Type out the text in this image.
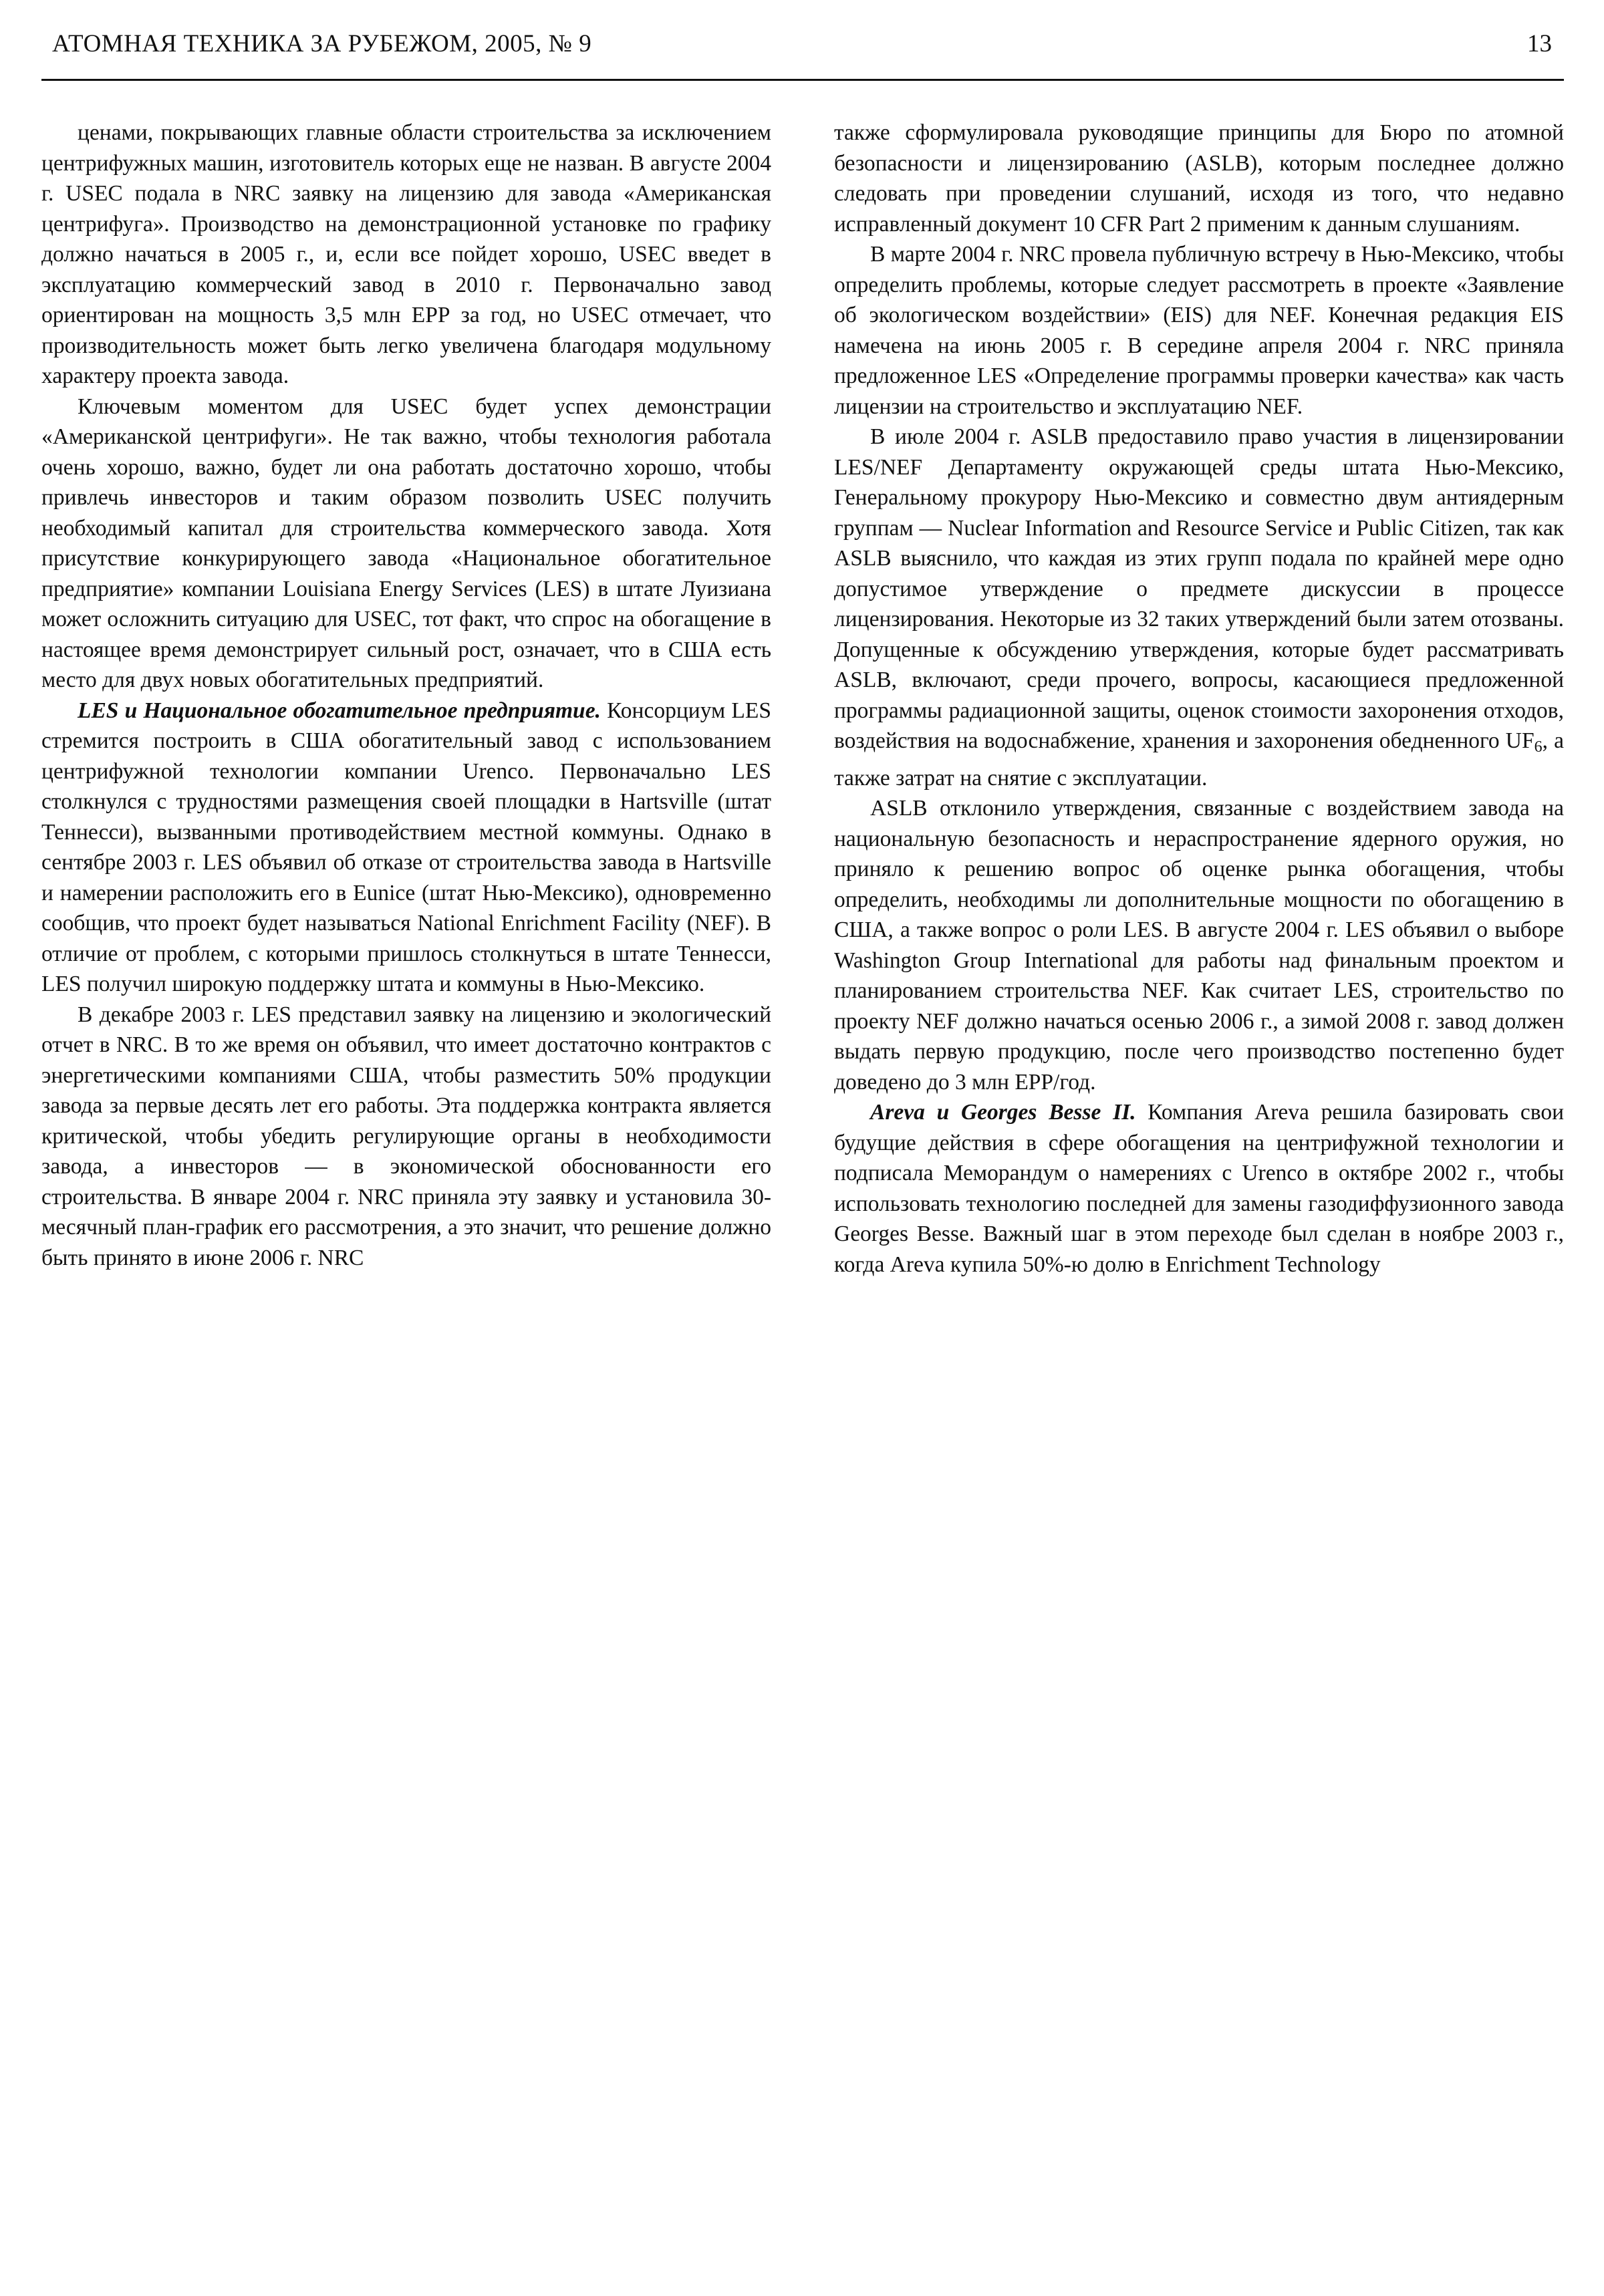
АТОМНАЯ ТЕХНИКА ЗА РУБЕЖОМ, 2005, № 9	13

ценами, покрывающих главные области строительства за исключением центрифужных машин, изготовитель которых еще не назван. В августе 2004 г. USEC подала в NRC заявку на лицензию для завода «Американская центрифуга». Производство на демонстрационной установке по графику должно начаться в 2005 г., и, если все пойдет хорошо, USEC введет в эксплуатацию коммерческий завод в 2010 г. Первоначально завод ориентирован на мощность 3,5 млн ЕРР за год, но USEC отмечает, что производительность может быть легко увеличена благодаря модульному характеру проекта завода.

Ключевым моментом для USEC будет успех демонстрации «Американской центрифуги». Не так важно, чтобы технология работала очень хорошо, важно, будет ли она работать достаточно хорошо, чтобы привлечь инвесторов и таким образом позволить USEC получить необходимый капитал для строительства коммерческого завода. Хотя присутствие конкурирующего завода «Национальное обогатительное предприятие» компании Louisiana Energy Services (LES) в штате Луизиана может осложнить ситуацию для USEC, тот факт, что спрос на обогащение в настоящее время демонстрирует сильный рост, означает, что в США есть место для двух новых обогатительных предприятий.

LES и Национальное обогатительное предприятие. Консорциум LES стремится построить в США обогатительный завод с использованием центрифужной технологии компании Urenco. Первоначально LES столкнулся с трудностями размещения своей площадки в Hartsville (штат Теннесси), вызванными противодействием местной коммуны. Однако в сентябре 2003 г. LES объявил об отказе от строительства завода в Hartsville и намерении расположить его в Eunice (штат Нью-Мексико), одновременно сообщив, что проект будет называться National Enrichment Facility (NEF). В отличие от проблем, с которыми пришлось столкнуться в штате Теннесси, LES получил широкую поддержку штата и коммуны в Нью-Мексико.

В декабре 2003 г. LES представил заявку на лицензию и экологический отчет в NRC. В то же время он объявил, что имеет достаточно контрактов с энергетическими компаниями США, чтобы разместить 50% продукции завода за первые десять лет его работы. Эта поддержка контракта является критической, чтобы убедить регулирующие органы в необходимости завода, а инвесторов — в экономической обоснованности его строительства. В январе 2004 г. NRC приняла эту заявку и установила 30-месячный план-график его рассмотрения, а это значит, что решение должно быть принято в июне 2006 г. NRC

также сформулировала руководящие принципы для Бюро по атомной безопасности и лицензированию (ASLB), которым последнее должно следовать при проведении слушаний, исходя из того, что недавно исправленный документ 10 CFR Part 2 применим к данным слушаниям.

В марте 2004 г. NRC провела публичную встречу в Нью-Мексико, чтобы определить проблемы, которые следует рассмотреть в проекте «Заявление об экологическом воздействии» (EIS) для NEF. Конечная редакция EIS намечена на июнь 2005 г. В середине апреля 2004 г. NRC приняла предложенное LES «Определение программы проверки качества» как часть лицензии на строительство и эксплуатацию NEF.

В июле 2004 г. ASLB предоставило право участия в лицензировании LES/NEF Департаменту окружающей среды штата Нью-Мексико, Генеральному прокурору Нью-Мексико и совместно двум антиядерным группам — Nuclear Information and Resource Service и Public Citizen, так как ASLB выяснило, что каждая из этих групп подала по крайней мере одно допустимое утверждение о предмете дискуссии в процессе лицензирования. Некоторые из 32 таких утверждений были затем отозваны. Допущенные к обсуждению утверждения, которые будет рассматривать ASLB, включают, среди прочего, вопросы, касающиеся предложенной программы радиационной защиты, оценок стоимости захоронения отходов, воздействия на водоснабжение, хранения и захоронения обедненного $UF_6$, а также затрат на снятие с эксплуатации.

ASLB отклонило утверждения, связанные с воздействием завода на национальную безопасность и нераспространение ядерного оружия, но приняло к решению вопрос об оценке рынка обогащения, чтобы определить, необходимы ли дополнительные мощности по обогащению в США, а также вопрос о роли LES. В августе 2004 г. LES объявил о выборе Washington Group International для работы над финальным проектом и планированием строительства NEF. Как считает LES, строительство по проекту NEF должно начаться осенью 2006 г., а зимой 2008 г. завод должен выдать первую продукцию, после чего производство постепенно будет доведено до 3 млн ЕРР/год.

Areva и Georges Besse II. Компания Areva решила базировать свои будущие действия в сфере обогащения на центрифужной технологии и подписала Меморандум о намерениях с Urenco в октябре 2002 г., чтобы использовать технологию последней для замены газодиффузионного завода Georges Besse. Важный шаг в этом переходе был сделан в ноябре 2003 г., когда Areva купила 50%-ю долю в Enrichment Technology
